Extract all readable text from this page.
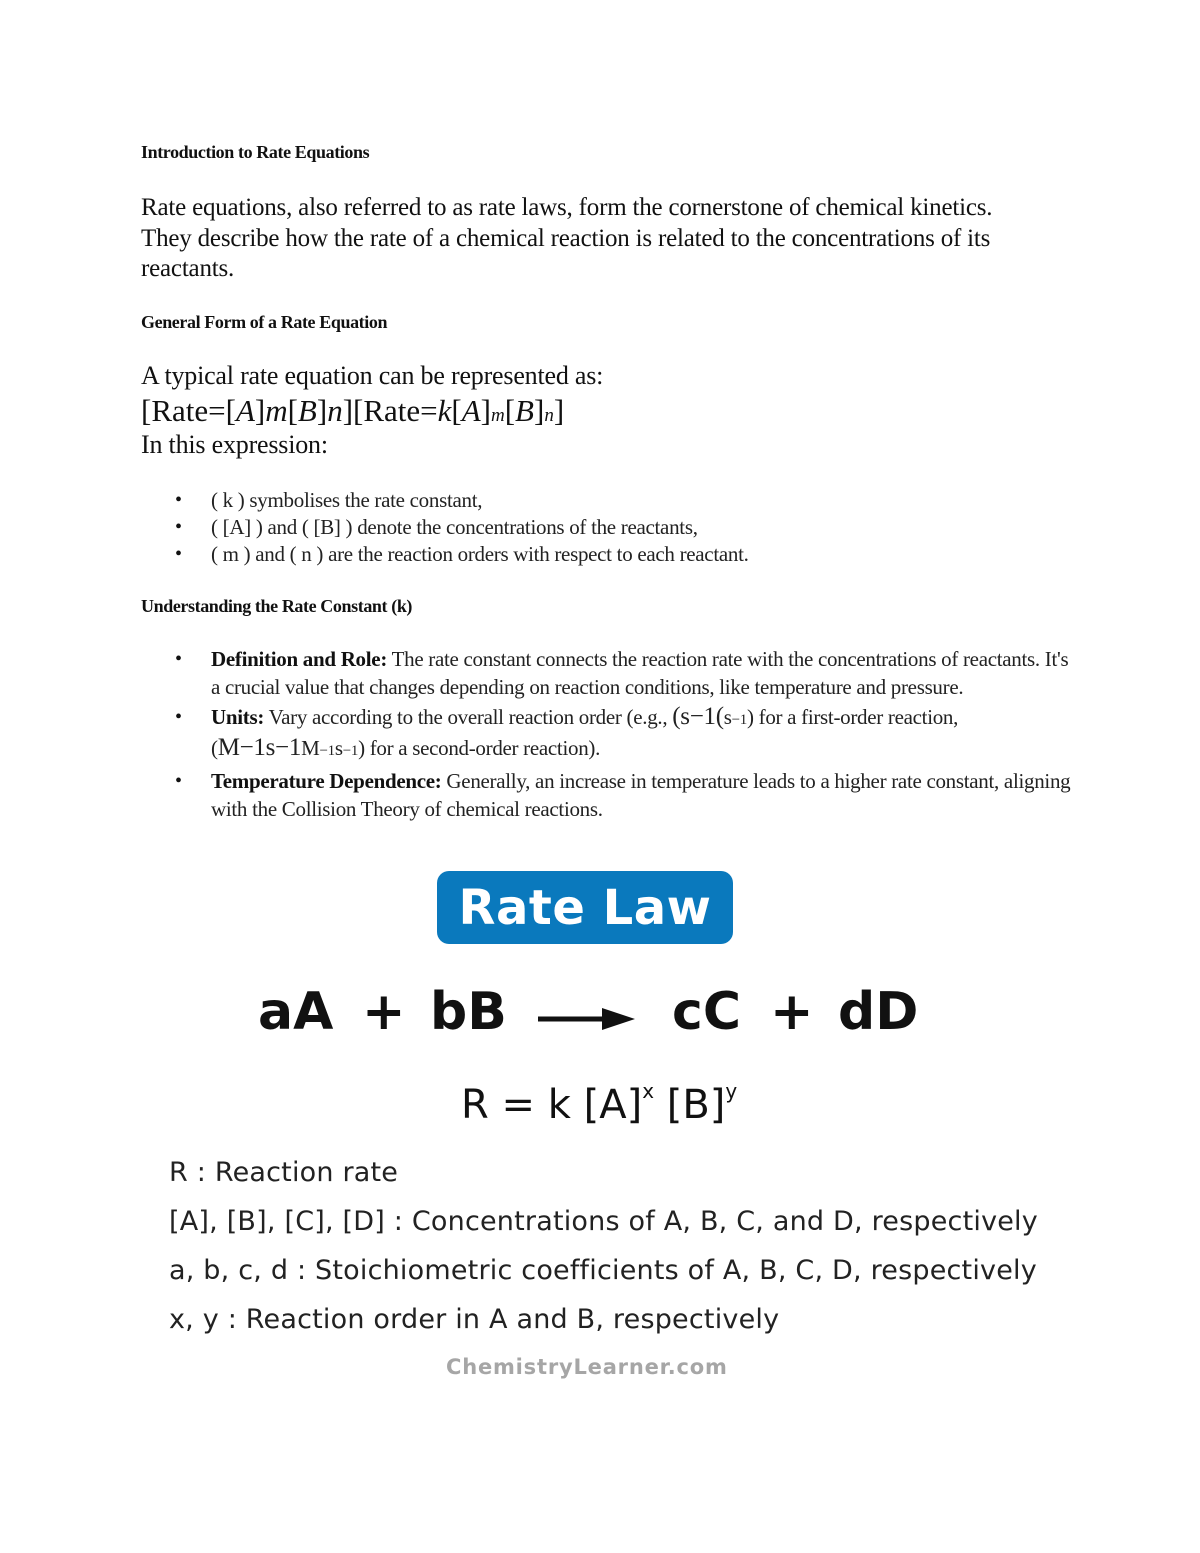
Introduction to Rate Equations
Rate equations, also referred to as rate laws, form the cornerstone of chemical kinetics. They describe how the rate of a chemical reaction is related to the concentrations of its reactants.
General Form of a Rate Equation
A typical rate equation can be represented as:
[Rate=[A]m[B]n][Rate=k[A]m[B]n]
In this expression:
• ( k ) symbolises the rate constant,
• ( [A] ) and ( [B] ) denote the concentrations of the reactants,
• ( m ) and ( n ) are the reaction orders with respect to each reactant.
Understanding the Rate Constant (k)
• Definition and Role: The rate constant connects the reaction rate with the concentrations of reactants. It's a crucial value that changes depending on reaction conditions, like temperature and pressure.
• Units: Vary according to the overall reaction order (e.g., (s−1(s−1) for a first-order reaction, (M−1s−1M−1s−1) for a second-order reaction).
• Temperature Dependence: Generally, an increase in temperature leads to a higher rate constant, aligning with the Collision Theory of chemical reactions.
Rate Law
aA + bB	cC + dD
R = k $[A]^x$ $[B]^y$
R : Reaction rate
[A], [B], [C], [D] : Concentrations of A, B, C, and D, respectively
a, b, c, d : Stoichiometric coefficients of A, B, C, D, respectively
x, y : Reaction order in A and B, respectively
ChemistryLearner.com
